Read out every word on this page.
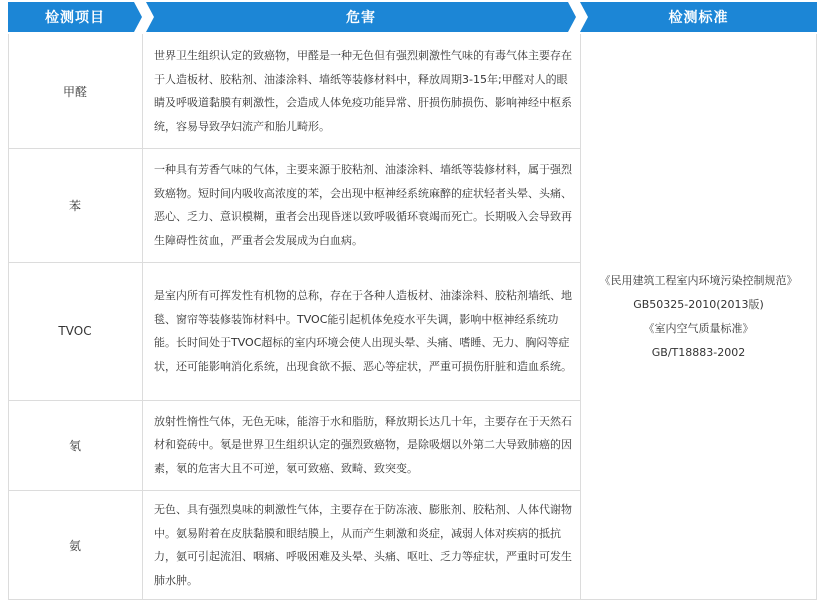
检测项目	危害	检测标准
甲醛
世界卫生组织认定的致癌物，甲醛是一种无色但有强烈刺激性气味的有毒气体主要存在于人造板材、胶粘剂、油漆涂料、墙纸等装修材料中，释放周期3-15年;甲醛对人的眼睛及呼吸道黏膜有刺激性，会造成人体免疫功能异常、肝损伤肺损伤、影响神经中枢系统，容易导致孕妇流产和胎儿畸形。
苯
一种具有芳香气味的气体，主要来源于胶粘剂、油漆涂料、墙纸等装修材料，属于强烈致癌物。短时间内吸收高浓度的苯，会出现中枢神经系统麻醉的症状轻者头晕、头痛、恶心、乏力、意识模糊，重者会出现昏迷以致呼吸循环衰竭而死亡。长期吸入会导致再生障碍性贫血，严重者会发展成为白血病。
TVOC
是室内所有可挥发性有机物的总称，存在于各种人造板材、油漆涂料、胶粘剂墙纸、地毯、窗帘等装修装饰材料中。TVOC能引起机体免疫水平失调，影响中枢神经系统功能。长时间处于TVOC超标的室内环境会使人出现头晕、头痛、嗜睡、无力、胸闷等症状，还可能影响消化系统，出现食欲不振、恶心等症状，严重可损伤肝脏和造血系统。
氡
放射性惰性气体，无色无味，能溶于水和脂肪，释放期长达几十年，主要存在于天然石材和瓷砖中。氡是世界卫生组织认定的强烈致癌物，是除吸烟以外第二大导致肺癌的因素，氡的危害大且不可逆，氡可致癌、致畸、致突变。
氨
无色、具有强烈臭味的刺激性气体，主要存在于防冻液、膨胀剂、胶粘剂、人体代谢物中。氨易附着在皮肤黏膜和眼结膜上，从而产生刺激和炎症，减弱人体对疾病的抵抗力，氨可引起流泪、咽痛、呼吸困难及头晕、头痛、呕吐、乏力等症状，严重时可发生肺水肿。
《民用建筑工程室内环境污染控制规范》
GB50325-2010(2013版)
《室内空气质量标准》
GB/T18883-2002
